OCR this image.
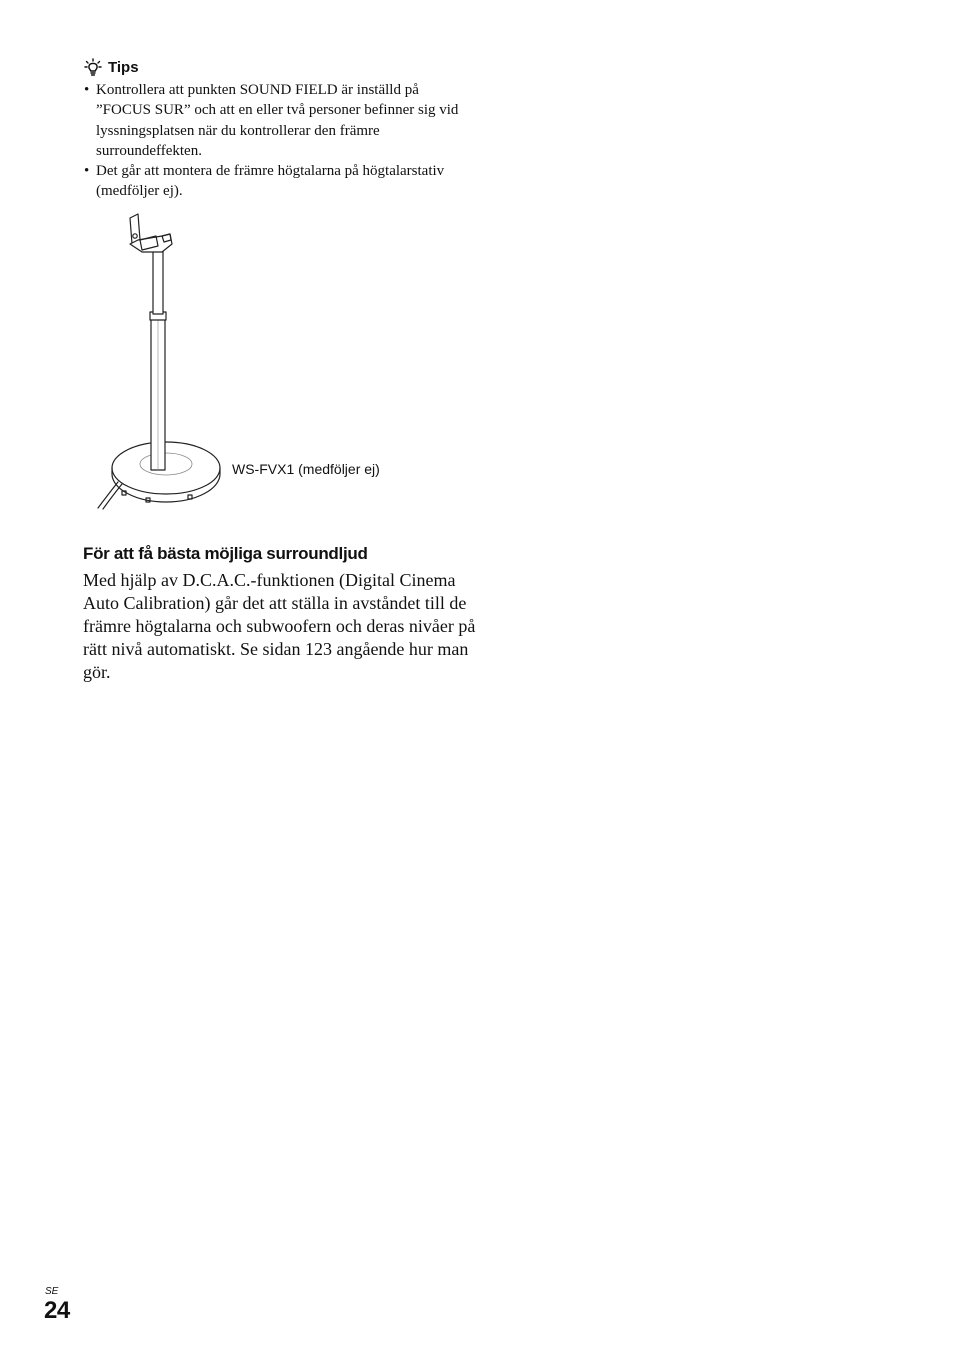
Tips
• Kontrollera att punkten SOUND FIELD är inställd på ”FOCUS SUR” och att en eller två personer befinner sig vid lyssningsplatsen när du kontrollerar den främre surroundeffekten.
• Det går att montera de främre högtalarna på högtalarstativ (medföljer ej).
WS-FVX1 (medföljer ej)
För att få bästa möjliga surroundljud

Med hjälp av D.C.A.C.-funktionen (Digital Cinema Auto Calibration) går det att ställa in avståndet till de främre högtalarna och subwoofern och deras nivåer på rätt nivå automatiskt. Se sidan 123 angående hur man gör.

SE
24
